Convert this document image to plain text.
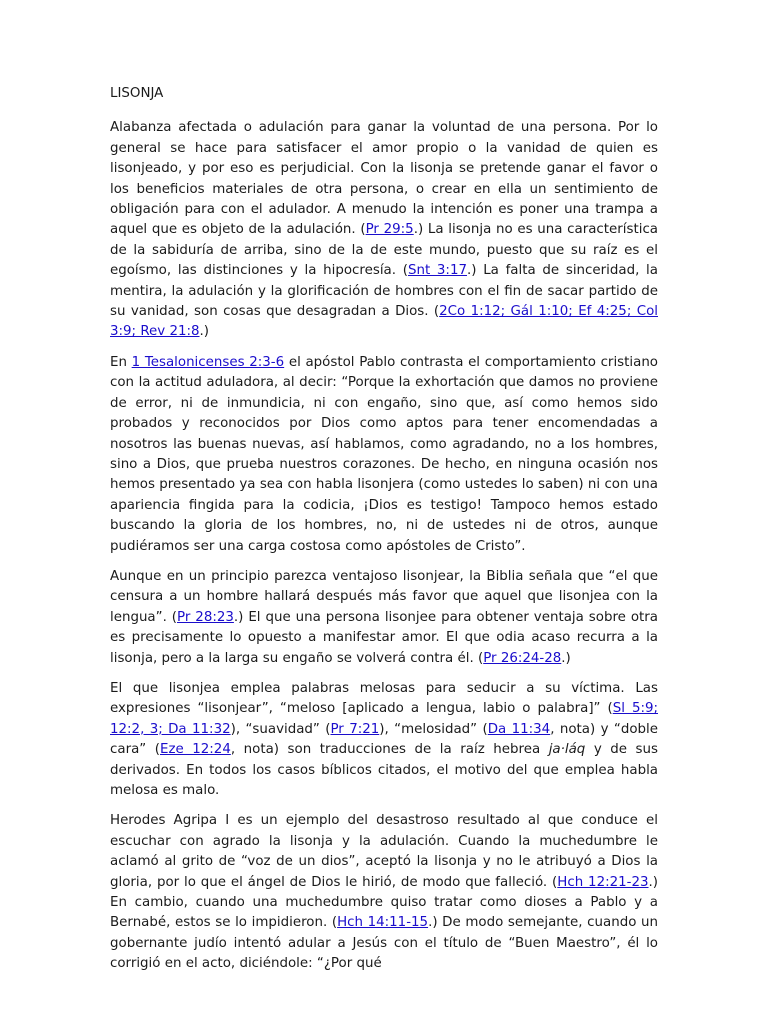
LISONJA

Alabanza afectada o adulación para ganar la voluntad de una persona. Por lo general se hace para satisfacer el amor propio o la vanidad de quien es lisonjeado, y por eso es perjudicial. Con la lisonja se pretende ganar el favor o los beneficios materiales de otra persona, o crear en ella un sentimiento de obligación para con el adulador. A menudo la intención es poner una trampa a aquel que es objeto de la adulación. (Pr 29:5.) La lisonja no es una característica de la sabiduría de arriba, sino de la de este mundo, puesto que su raíz es el egoísmo, las distinciones y la hipocresía. (Snt 3:17.) La falta de sinceridad, la mentira, la adulación y la glorificación de hombres con el fin de sacar partido de su vanidad, son cosas que desagradan a Dios. (2Co 1:12; Gál 1:10; Ef 4:25; Col 3:9; Rev 21:8.)

En 1 Tesalonicenses 2:3-6 el apóstol Pablo contrasta el comportamiento cristiano con la actitud aduladora, al decir: “Porque la exhortación que damos no proviene de error, ni de inmundicia, ni con engaño, sino que, así como hemos sido probados y reconocidos por Dios como aptos para tener encomendadas a nosotros las buenas nuevas, así hablamos, como agradando, no a los hombres, sino a Dios, que prueba nuestros corazones. De hecho, en ninguna ocasión nos hemos presentado ya sea con habla lisonjera (como ustedes lo saben) ni con una apariencia fingida para la codicia, ¡Dios es testigo! Tampoco hemos estado buscando la gloria de los hombres, no, ni de ustedes ni de otros, aunque pudiéramos ser una carga costosa como apóstoles de Cristo”.

Aunque en un principio parezca ventajoso lisonjear, la Biblia señala que “el que censura a un hombre hallará después más favor que aquel que lisonjea con la lengua”. (Pr 28:23.) El que una persona lisonjee para obtener ventaja sobre otra es precisamente lo opuesto a manifestar amor. El que odia acaso recurra a la lisonja, pero a la larga su engaño se volverá contra él. (Pr 26:24-28.)

El que lisonjea emplea palabras melosas para seducir a su víctima. Las expresiones “lisonjear”, “meloso [aplicado a lengua, labio o palabra]” (Sl 5:9; 12:2, 3; Da 11:32), “suavidad” (Pr 7:21), “melosidad” (Da 11:34, nota) y “doble cara” (Eze 12:24, nota) son traducciones de la raíz hebrea ja·láq y de sus derivados. En todos los casos bíblicos citados, el motivo del que emplea habla melosa es malo.

Herodes Agripa I es un ejemplo del desastroso resultado al que conduce el escuchar con agrado la lisonja y la adulación. Cuando la muchedumbre le aclamó al grito de “voz de un dios”, aceptó la lisonja y no le atribuyó a Dios la gloria, por lo que el ángel de Dios le hirió, de modo que falleció. (Hch 12:21-23.) En cambio, cuando una muchedumbre quiso tratar como dioses a Pablo y a Bernabé, estos se lo impidieron. (Hch 14:11-15.) De modo semejante, cuando un gobernante judío intentó adular a Jesús con el título de “Buen Maestro”, él lo corrigió en el acto, diciéndole: “¿Por qué
